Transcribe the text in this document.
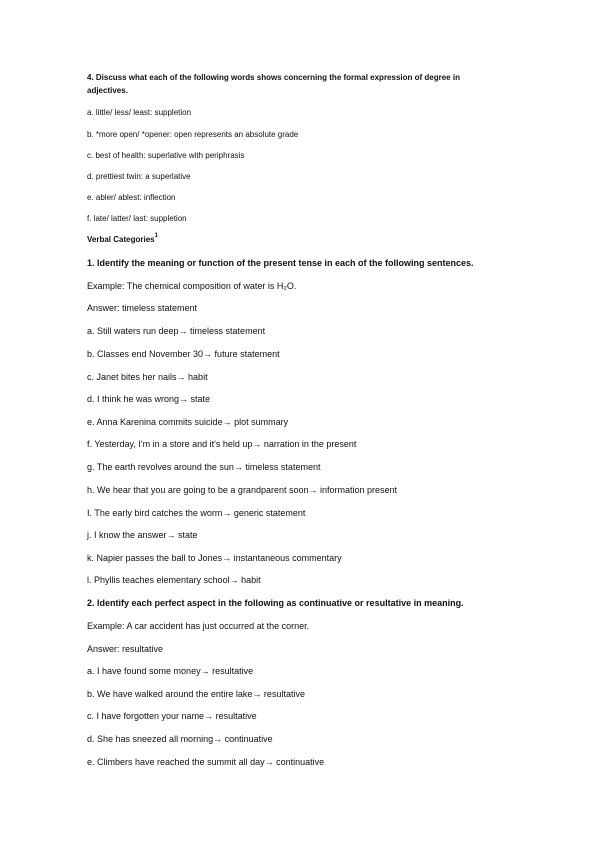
4. Discuss what each of the following words shows concerning the formal expression of degree in

adjectives.

a. little/ less/ least: suppletion

b. *more open/ *opener: open represents an absolute grade

c. best of health: superlative with periphrasis

d. prettiest twin: a superlative

e. abler/ ablest: inflection

f. late/ latter/ last: suppletion

Verbal Categories$^1$

1. Identify the meaning or function of the present tense in each of the following sentences.

Example: The chemical composition of water is H₂O.

Answer: timeless statement

a. Still waters run deep→ timeless statement

b. Classes end November 30→ future statement

c. Janet bites her nails→ habit

d. I think he was wrong→ state

e. Anna Karenina commits suicide→ plot summary

f. Yesterday, I'm in a store and it's held up→ narration in the present

g. The earth revolves around the sun→ timeless statement

h. We hear that you are going to be a grandparent soon→ information present

I. The early bird catches the worm→ generic statement

j. I know the answer→ state

k. Napier passes the ball to Jones→ instantaneous commentary

l. Phyllis teaches elementary school→ habit

2. Identify each perfect aspect in the following as continuative or resultative in meaning.

Example: A car accident has just occurred at the corner.

Answer: resultative

a. I have found some money→ resultative

b. We have walked around the entire lake→ resultative

c. I have forgotten your name→ resultative

d. She has sneezed all morning→ continuative

e. Climbers have reached the summit all day→ continuative
